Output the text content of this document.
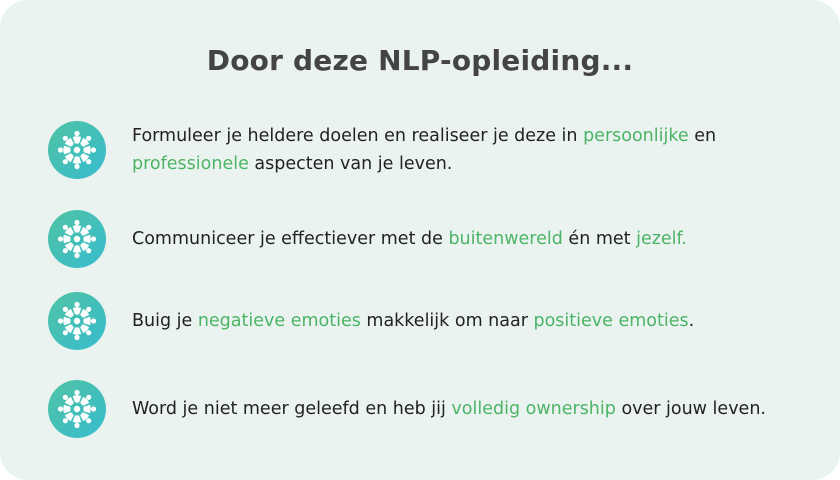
Door deze NLP-opleiding...
Formuleer je heldere doelen en realiseer je deze in persoonlijke en professionele aspecten van je leven.
Communiceer je effectiever met de buitenwereld én met jezelf.
Buig je negatieve emoties makkelijk om naar positieve emoties.
Word je niet meer geleefd en heb jij volledig ownership over jouw leven.
